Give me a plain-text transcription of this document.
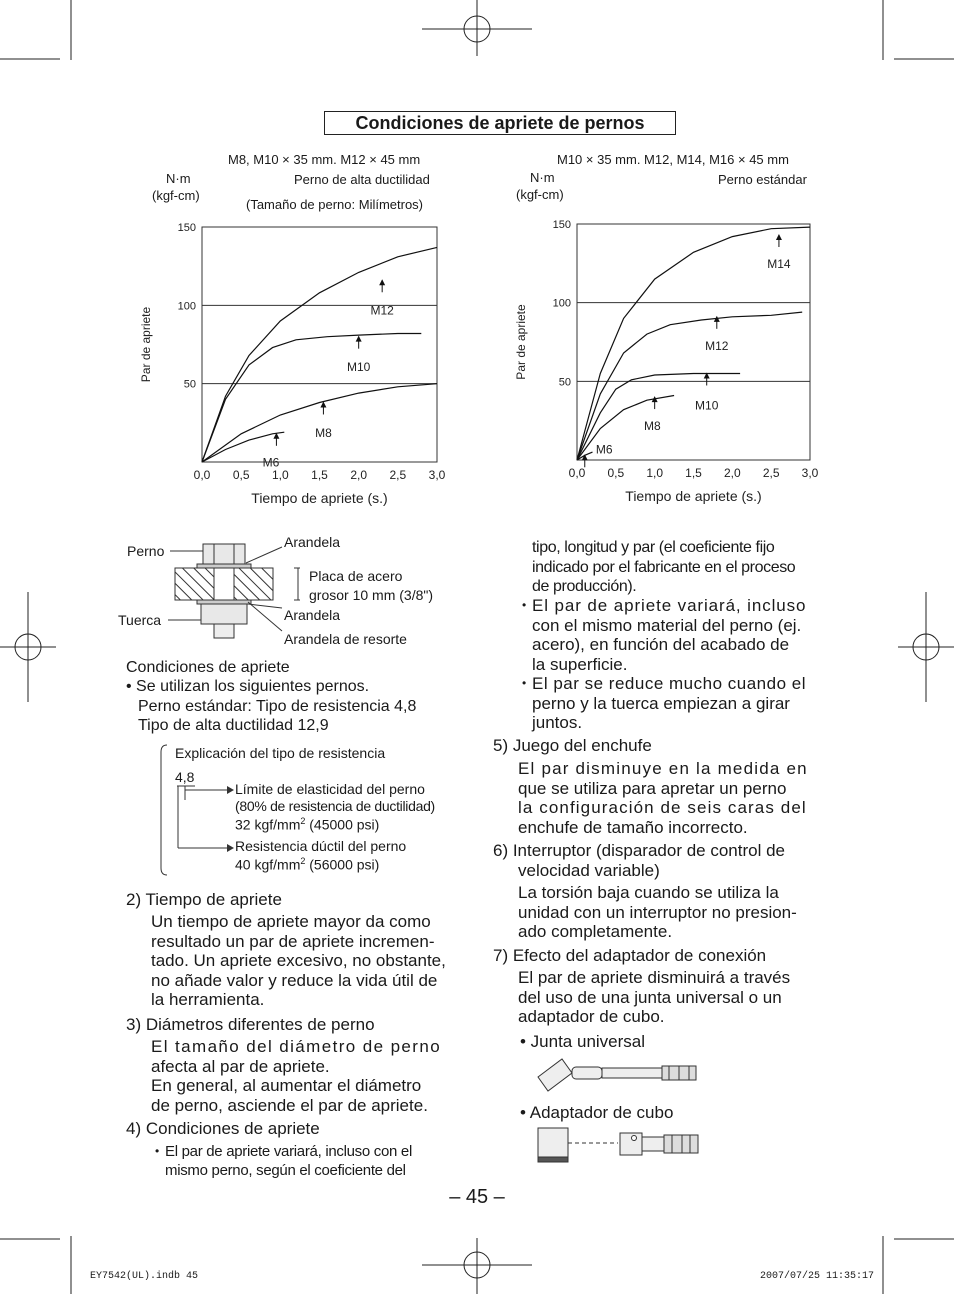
Condiciones de apriete de pernos
M8, M10 × 35 mm. M12 × 45 mm
Perno de alta ductilidad
(Tamaño de perno: Milímetros)
N·m
(kgf-cm)
150
100
50
0,0 0,5 1,0 1,5 2,0 2,5 3,0
Par de apriete
Tiempo de apriete (s.)
M12
M10
M8
M6
M10 × 35 mm. M12, M14, M16 × 45 mm
Perno estándar
N·m
(kgf-cm)
150
100
50
0,0 0,5 1,0 1,5 2,0 2,5 3,0
Par de apriete
Tiempo de apriete (s.)
M14
M12
M10
M8
M6
Perno
Arandela
Placa de acero
grosor 10 mm (3/8")
Arandela
Tuerca
Arandela de resorte
Condiciones de apriete
• Se utilizan los siguientes pernos.
Perno estándar: Tipo de resistencia 4,8
Tipo de alta ductilidad 12,9
Explicación del tipo de resistencia
4,8
Límite de elasticidad del perno
(80% de resistencia de ductilidad)
32 kgf/$mm^2$ (45000 psi)
Resistencia dúctil del perno
40 kgf/$mm^2$ (56000 psi)
2) Tiempo de apriete
Un tiempo de apriete mayor da como
resultado un par de apriete incremen-
tado. Un apriete excesivo, no obstante,
no añade valor y reduce la vida útil de
la herramienta.
3) Diámetros diferentes de perno
El tamaño del diámetro de perno
afecta al par de apriete.
En general, al aumentar el diámetro
de perno, asciende el par de apriete.
4) Condiciones de apriete
• El par de apriete variará, incluso con el
mismo perno, según el coeficiente del
tipo, longitud y par (el coeficiente fijo
indicado por el fabricante en el proceso
de producción).
• El par de apriete variará, incluso
con el mismo material del perno (ej.
acero), en función del acabado de
la superficie.
• El par se reduce mucho cuando el
perno y la tuerca empiezan a girar
juntos.
5) Juego del enchufe
El par disminuye en la medida en
que se utiliza para apretar un perno
la configuración de seis caras del
enchufe de tamaño incorrecto.
6) Interruptor (disparador de control de
velocidad variable)
La torsión baja cuando se utiliza la
unidad con un interruptor no presion-
ado completamente.
7) Efecto del adaptador de conexión
El par de apriete disminuirá a través
del uso de una junta universal o un
adaptador de cubo.
• Junta universal
• Adaptador de cubo
– 45 –
EY7542(UL).indb 45	2007/07/25 11:35:17
